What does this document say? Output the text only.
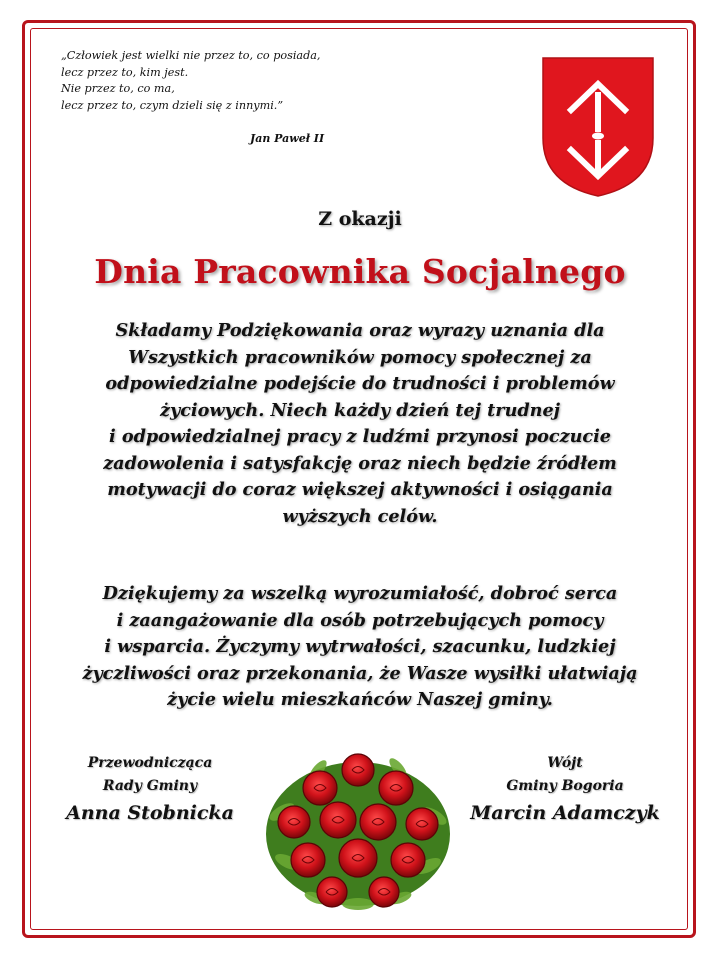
„Człowiek jest wielki nie przez to, co posiada,
lecz przez to, kim jest.
Nie przez to, co ma,
lecz przez to, czym dzieli się z innymi.”
Jan Paweł II
Z okazji
Dnia Pracownika Socjalnego
Składamy Podziękowania oraz wyrazy uznania dla
Wszystkich pracowników pomocy społecznej za
odpowiedzialne podejście do trudności i problemów
życiowych. Niech każdy dzień tej trudnej
i odpowiedzialnej pracy z ludźmi przynosi poczucie
zadowolenia i satysfakcję oraz niech będzie źródłem
motywacji do coraz większej aktywności i osiągania
wyższych celów.
Dziękujemy za wszelką wyrozumiałość, dobroć serca
i zaangażowanie dla osób potrzebujących pomocy
i wsparcia. Życzymy wytrwałości, szacunku, ludzkiej
życzliwości oraz przekonania, że Wasze wysiłki ułatwiają
życie wielu mieszkańców Naszej gminy.
Przewodnicząca
Rady Gminy
Anna Stobnicka
Wójt
Gminy Bogoria
Marcin Adamczyk
